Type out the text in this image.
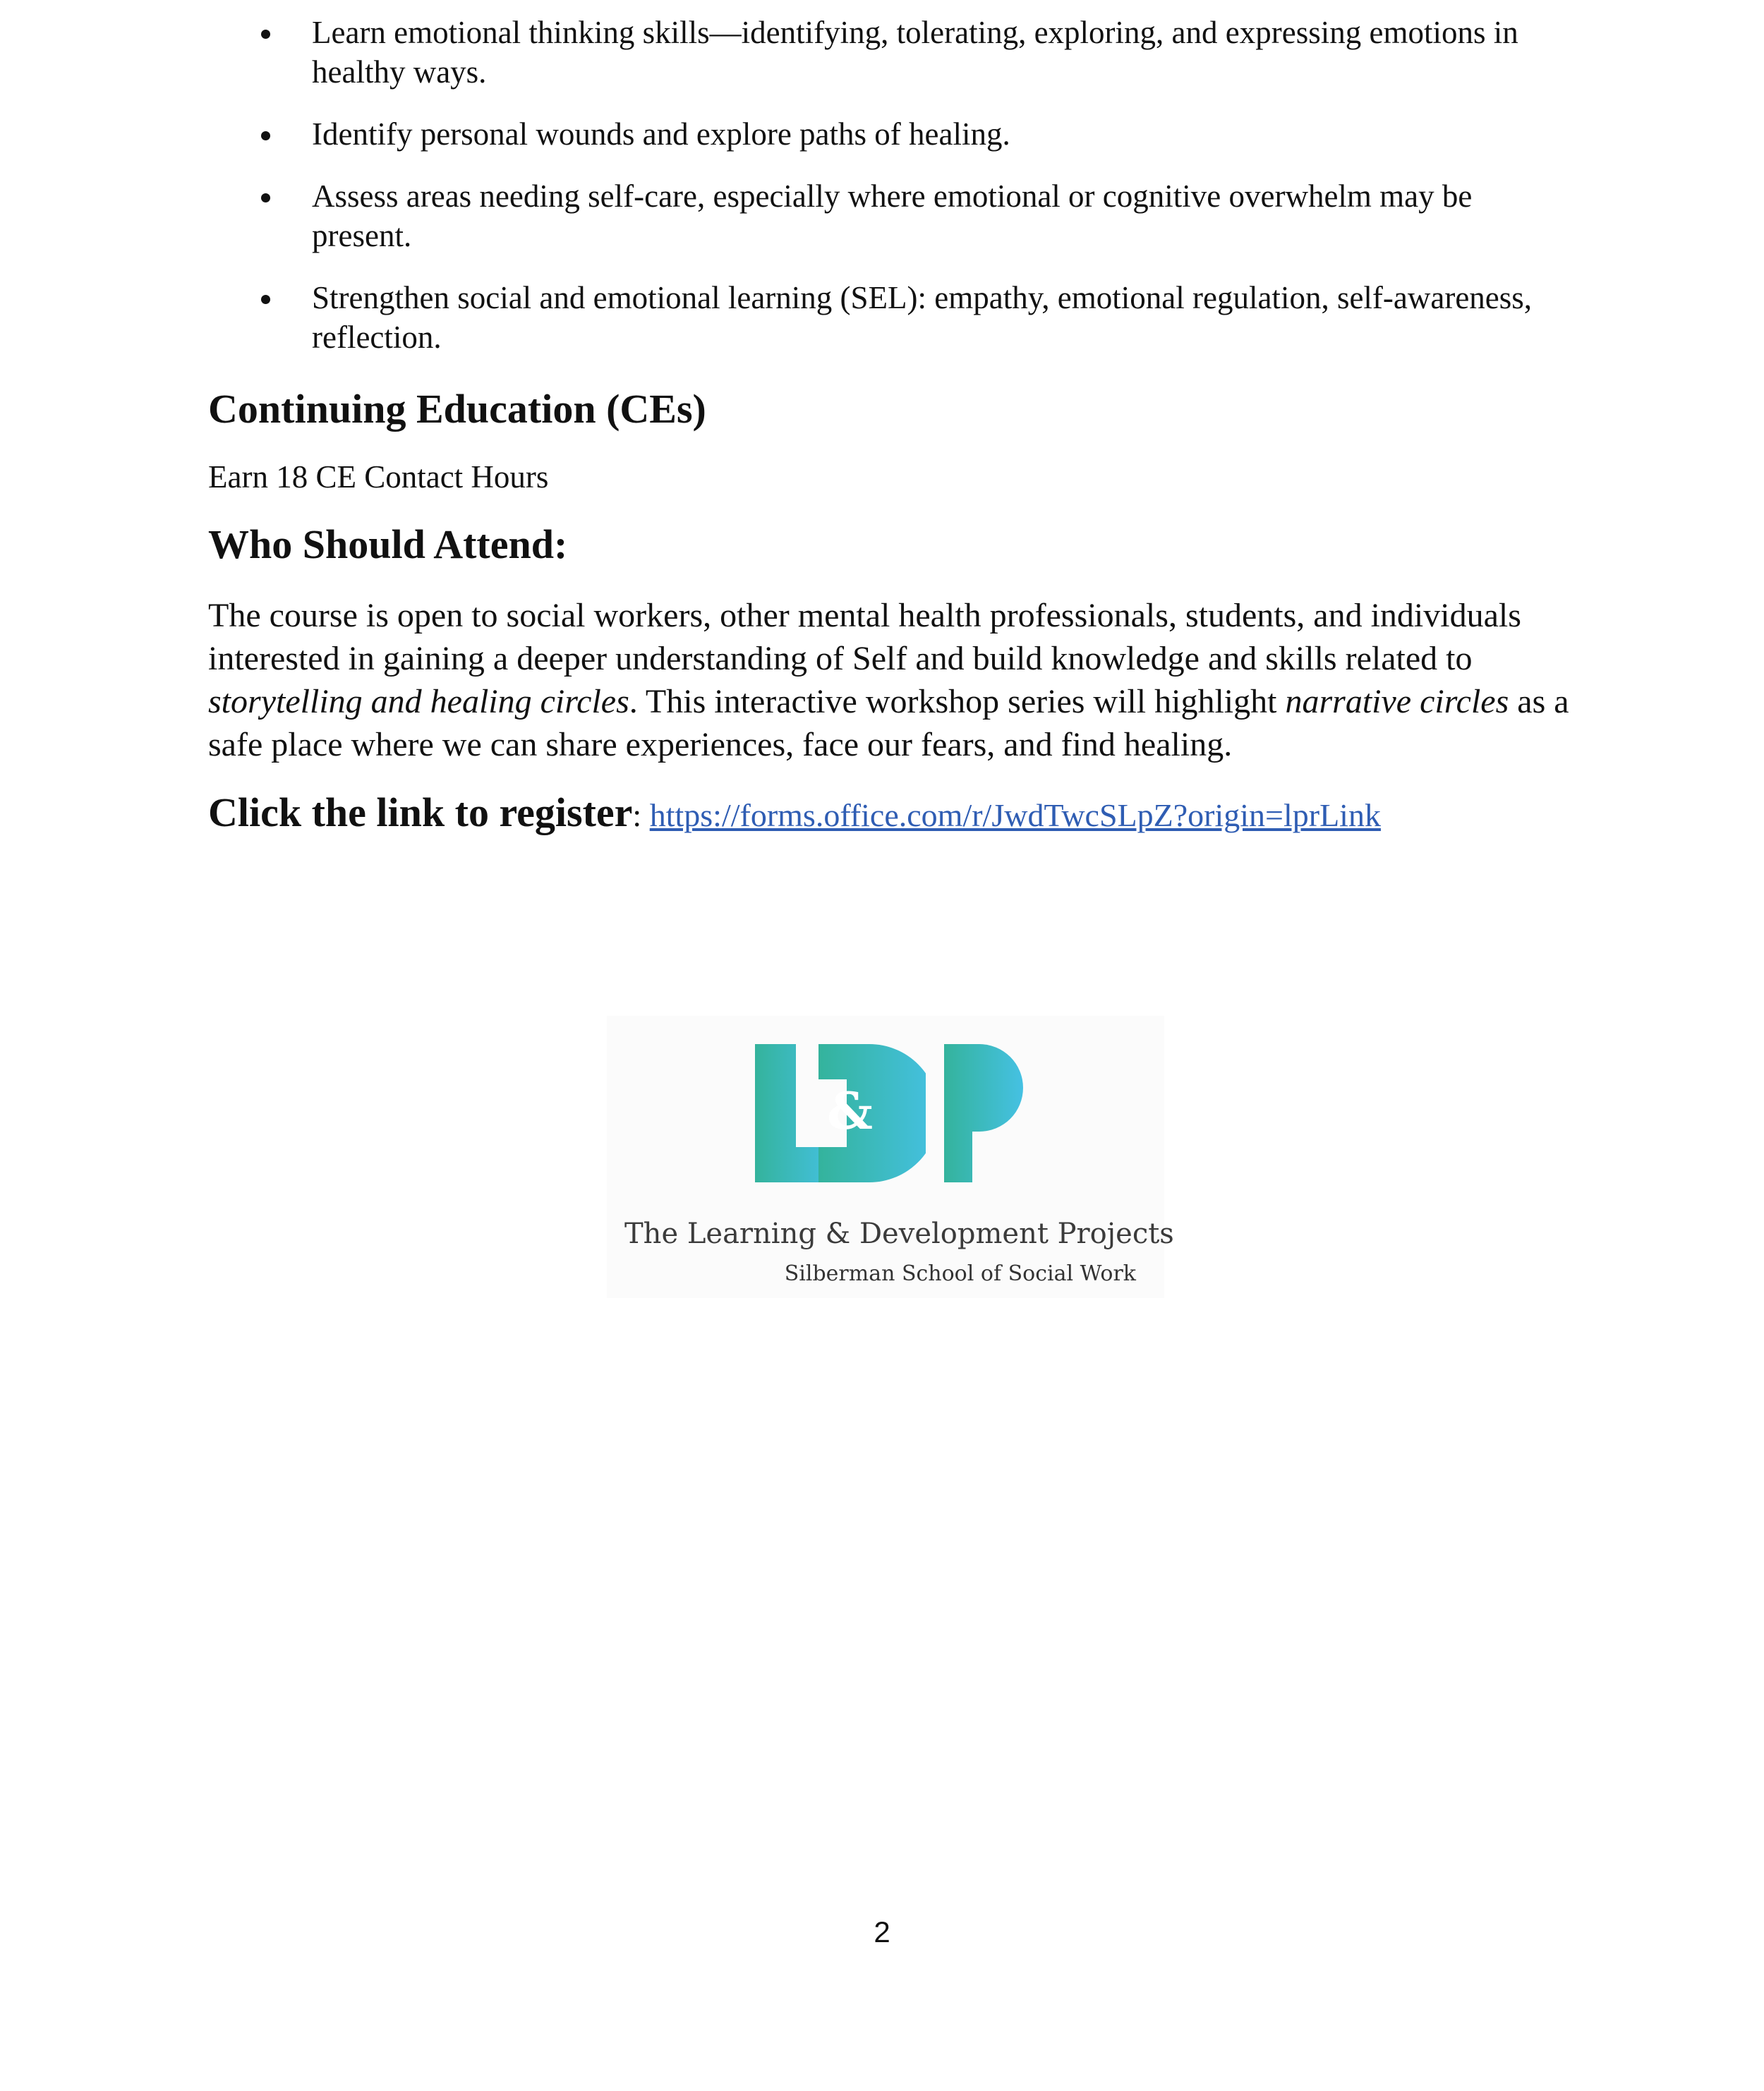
Learn emotional thinking skills—identifying, tolerating, exploring, and expressing emotions in healthy ways.
Identify personal wounds and explore paths of healing.
Assess areas needing self-care, especially where emotional or cognitive overwhelm may be present.
Strengthen social and emotional learning (SEL): empathy, emotional regulation, self-awareness, reflection.
Continuing Education (CEs)

Earn 18 CE Contact Hours

Who Should Attend:

The course is open to social workers, other mental health professionals, students, and individuals interested in gaining a deeper understanding of Self and build knowledge and skills related to storytelling and healing circles. This interactive workshop series will highlight narrative circles as a safe place where we can share experiences, face our fears, and find healing.

Click the link to register: https://forms.office.com/r/JwdTwcSLpZ?origin=lprLink

&

The Learning & Development Projects

Silberman School of Social Work

2
